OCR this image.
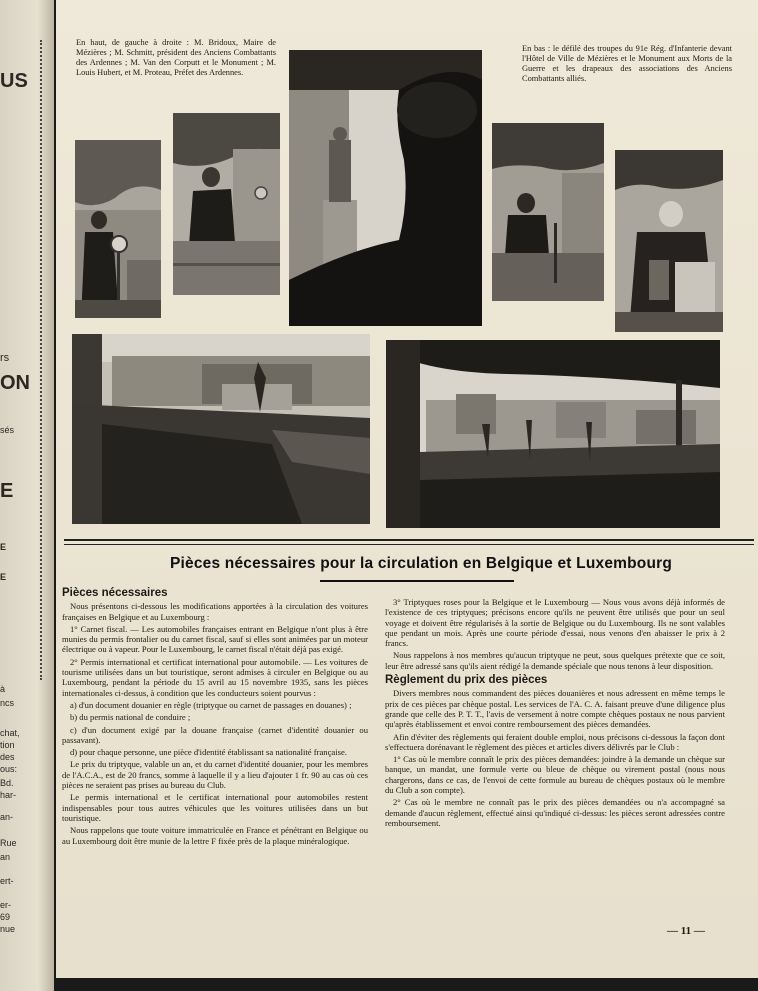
US
rs
ON
sés
E
E
E
à
ncs
chat,
tion
des
ous:
Bd.
har-
an-
Rue
an
ert-
er-
69
nue
En haut, de gauche à droite : M. Bridoux, Maire de Mézières ; M. Schmitt, président des Anciens Combattants des Ardennes ; M. Van den Corputt et le Monument ; M. Louis Hubert, et M. Proteau, Préfet des Ardennes.
En bas : le défilé des troupes du 91e Rég. d'Infanterie devant l'Hôtel de Ville de Mézières et le Monument aux Morts de la Guerre et les drapeaux des associations des Anciens Combattants alliés.
Pièces nécessaires pour la circulation en Belgique et Luxembourg
Pièces nécessaires

Nous présentons ci-dessous les modifications apportées à la circulation des voitures françaises en Belgique et au Luxembourg :

1° Carnet fiscal. — Les automobiles françaises entrant en Belgique n'ont plus à être munies du permis frontalier ou du carnet fiscal, sauf si elles sont animées par un moteur électrique ou à vapeur. Pour le Luxembourg, le carnet fiscal n'était déjà pas exigé.

2° Permis international et certificat international pour automobile. — Les voitures de tourisme utilisées dans un but touristique, seront admises à circuler en Belgique ou au Luxembourg, pendant la période du 15 avril au 15 novembre 1935, sans les pièces internationales ci-dessus, à condition que les conducteurs soient pourvus :

a) d'un document douanier en règle (triptyque ou carnet de passages en douanes) ;

b) du permis national de conduire ;

c) d'un document exigé par la douane française (carnet d'identité douanier ou passavant).

d) pour chaque personne, une pièce d'identité établissant sa nationalité française.

Le prix du triptyque, valable un an, et du carnet d'identité douanier, pour les membres de l'A.C.A., est de 20 francs, somme à laquelle il y a lieu d'ajouter 1 fr. 90 au cas où ces pièces ne seraient pas prises au bureau du Club.

Le permis international et le certificat international pour automobiles restent indispensables pour tous autres véhicules que les voitures utilisées dans un but touristique.

Nous rappelons que toute voiture immatriculée en France et pénétrant en Belgique ou au Luxembourg doit être munie de la lettre F fixée près de la plaque minéralogique.

3° Triptyques roses pour la Belgique et le Luxembourg — Nous vous avons déjà informés de l'existence de ces triptyques; précisons encore qu'ils ne peuvent être utilisés que pour un seul voyage et doivent être régularisés à la sortie de Belgique ou du Luxembourg. Ils ne sont valables que pendant un mois. Après une courte période d'essai, nous venons d'en abaisser le prix à 2 francs.

Nous rappelons à nos membres qu'aucun triptyque ne peut, sous quelques prétexte que ce soit, leur être adressé sans qu'ils aient rédigé la demande spéciale que nous tenons à leur disposition.

Règlement du prix des pièces

Divers membres nous commandent des pièces douanières et nous adressent en même temps le prix de ces pièces par chèque postal. Les services de l'A. C. A. faisant preuve d'une diligence plus grande que celle des P. T. T., l'avis de versement à notre compte chèques postaux ne nous parvient qu'après établissement et envoi contre remboursement des pièces demandées.

Afin d'éviter des règlements qui feraient double emploi, nous précisons ci-dessous la façon dont s'effectuera dorénavant le règlement des pièces et articles divers délivrés par le Club :

1° Cas où le membre connaît le prix des pièces demandées: joindre à la demande un chèque sur banque, un mandat, une formule verte ou bleue de chèque ou virement postal (nous nous chargerons, dans ce cas, de l'envoi de cette formule au bureau de chèques postaux où le membre du Club a son compte).

2° Cas où le membre ne connaît pas le prix des pièces demandées ou n'a accompagné sa demande d'aucun règlement, effectué ainsi qu'indiqué ci-dessus: les pièces seront adressées contre remboursement.

— 11 —
